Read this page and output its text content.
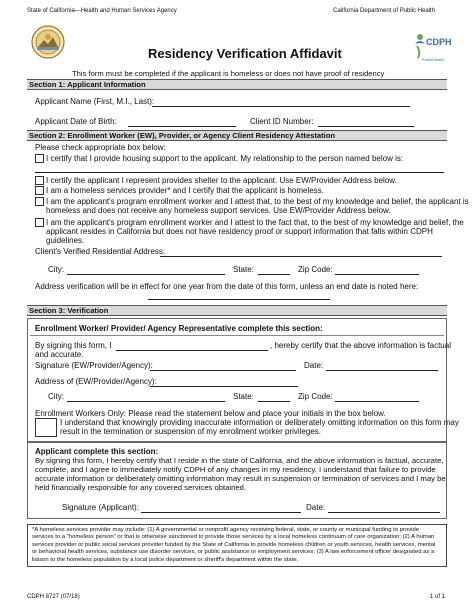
State of California—Health and Human Services Agency	California Department of Public Health
CDPH
PublicHealth
Residency Verification Affidavit
This form must be completed if the applicant is homeless or does not have proof of residency
Section 1: Applicant Information
Applicant Name (First, M.I., Last):
Applicant Date of Birth:	Client ID Number:
Section 2: Enrollment Worker (EW), Provider, or Agency Client Residency Attestation
Please check appropriate box below:
I certify that I provide housing support to the applicant. My relationship to the person named below is:
I certify the applicant I represent provides shelter to the applicant. Use EW/Provider Address below.
I am a homeless services provider* and I certify that the applicant is homeless.
I am the applicant's program enrollment worker and I attest that, to the best of my knowledge and belief, the applicant is
homeless and does not receive any homeless support services. Use EW/Provider Address below.
I am the applicant's program enrollment worker and I attest to the fact that, to the best of my knowledge and belief, the
applicant resides in California but does not have residency proof or support information that falls within CDPH
guidelines.
Client's Verified Residential Address:
City:	State:	Zip Code:
Address verification will be in effect for one year from the date of this form, unless an end date is noted here:
Section 3: Verification
Enrollment Worker/ Provider/ Agency Representative complete this section:
By signing this form, I	, hereby certify that the above information is factual
and accurate.
Signature (EW/Provider/Agency):	Date:
Address of (EW/Provider/Agency):
City:	State:	Zip Code:
Enrollment Workers Only: Please read the statement below and place your initials in the box below.
I understand that knowingly providing inaccurate information or deliberately omitting information on this form may
result in the termination or suspension of my enrollment worker privileges.
Applicant complete this section:
By signing this form, I hereby certify that I reside in the state of California, and the above information is factual, accurate,
complete, and I agree to immediately notify CDPH of any changes in my residency. I understand that failure to provide
accurate information or deliberately omitting information may result in suspension or termination of services and I may be
held financially responsible for any covered services obtained.
Signature (Applicant):	Date:
*A homeless services provider may include: (1) A governmental or nonprofit agency receiving federal, state, or county or municipal funding to provide
services to a "homeless person" or that is otherwise sanctioned to provide those services by a local homeless continuum of care organization; (2) A human
services provider or public social services provider funded by the State of California to provide homeless children or youth services, health services, mental
or behavioral health services, substance use disorder services, or public assistance or employment services; (3) A law enforcement officer designated as a
liaison to the homeless population by a local police department or sheriff's department within the state.
CDPH 8727 (07/18)	1 of 1
